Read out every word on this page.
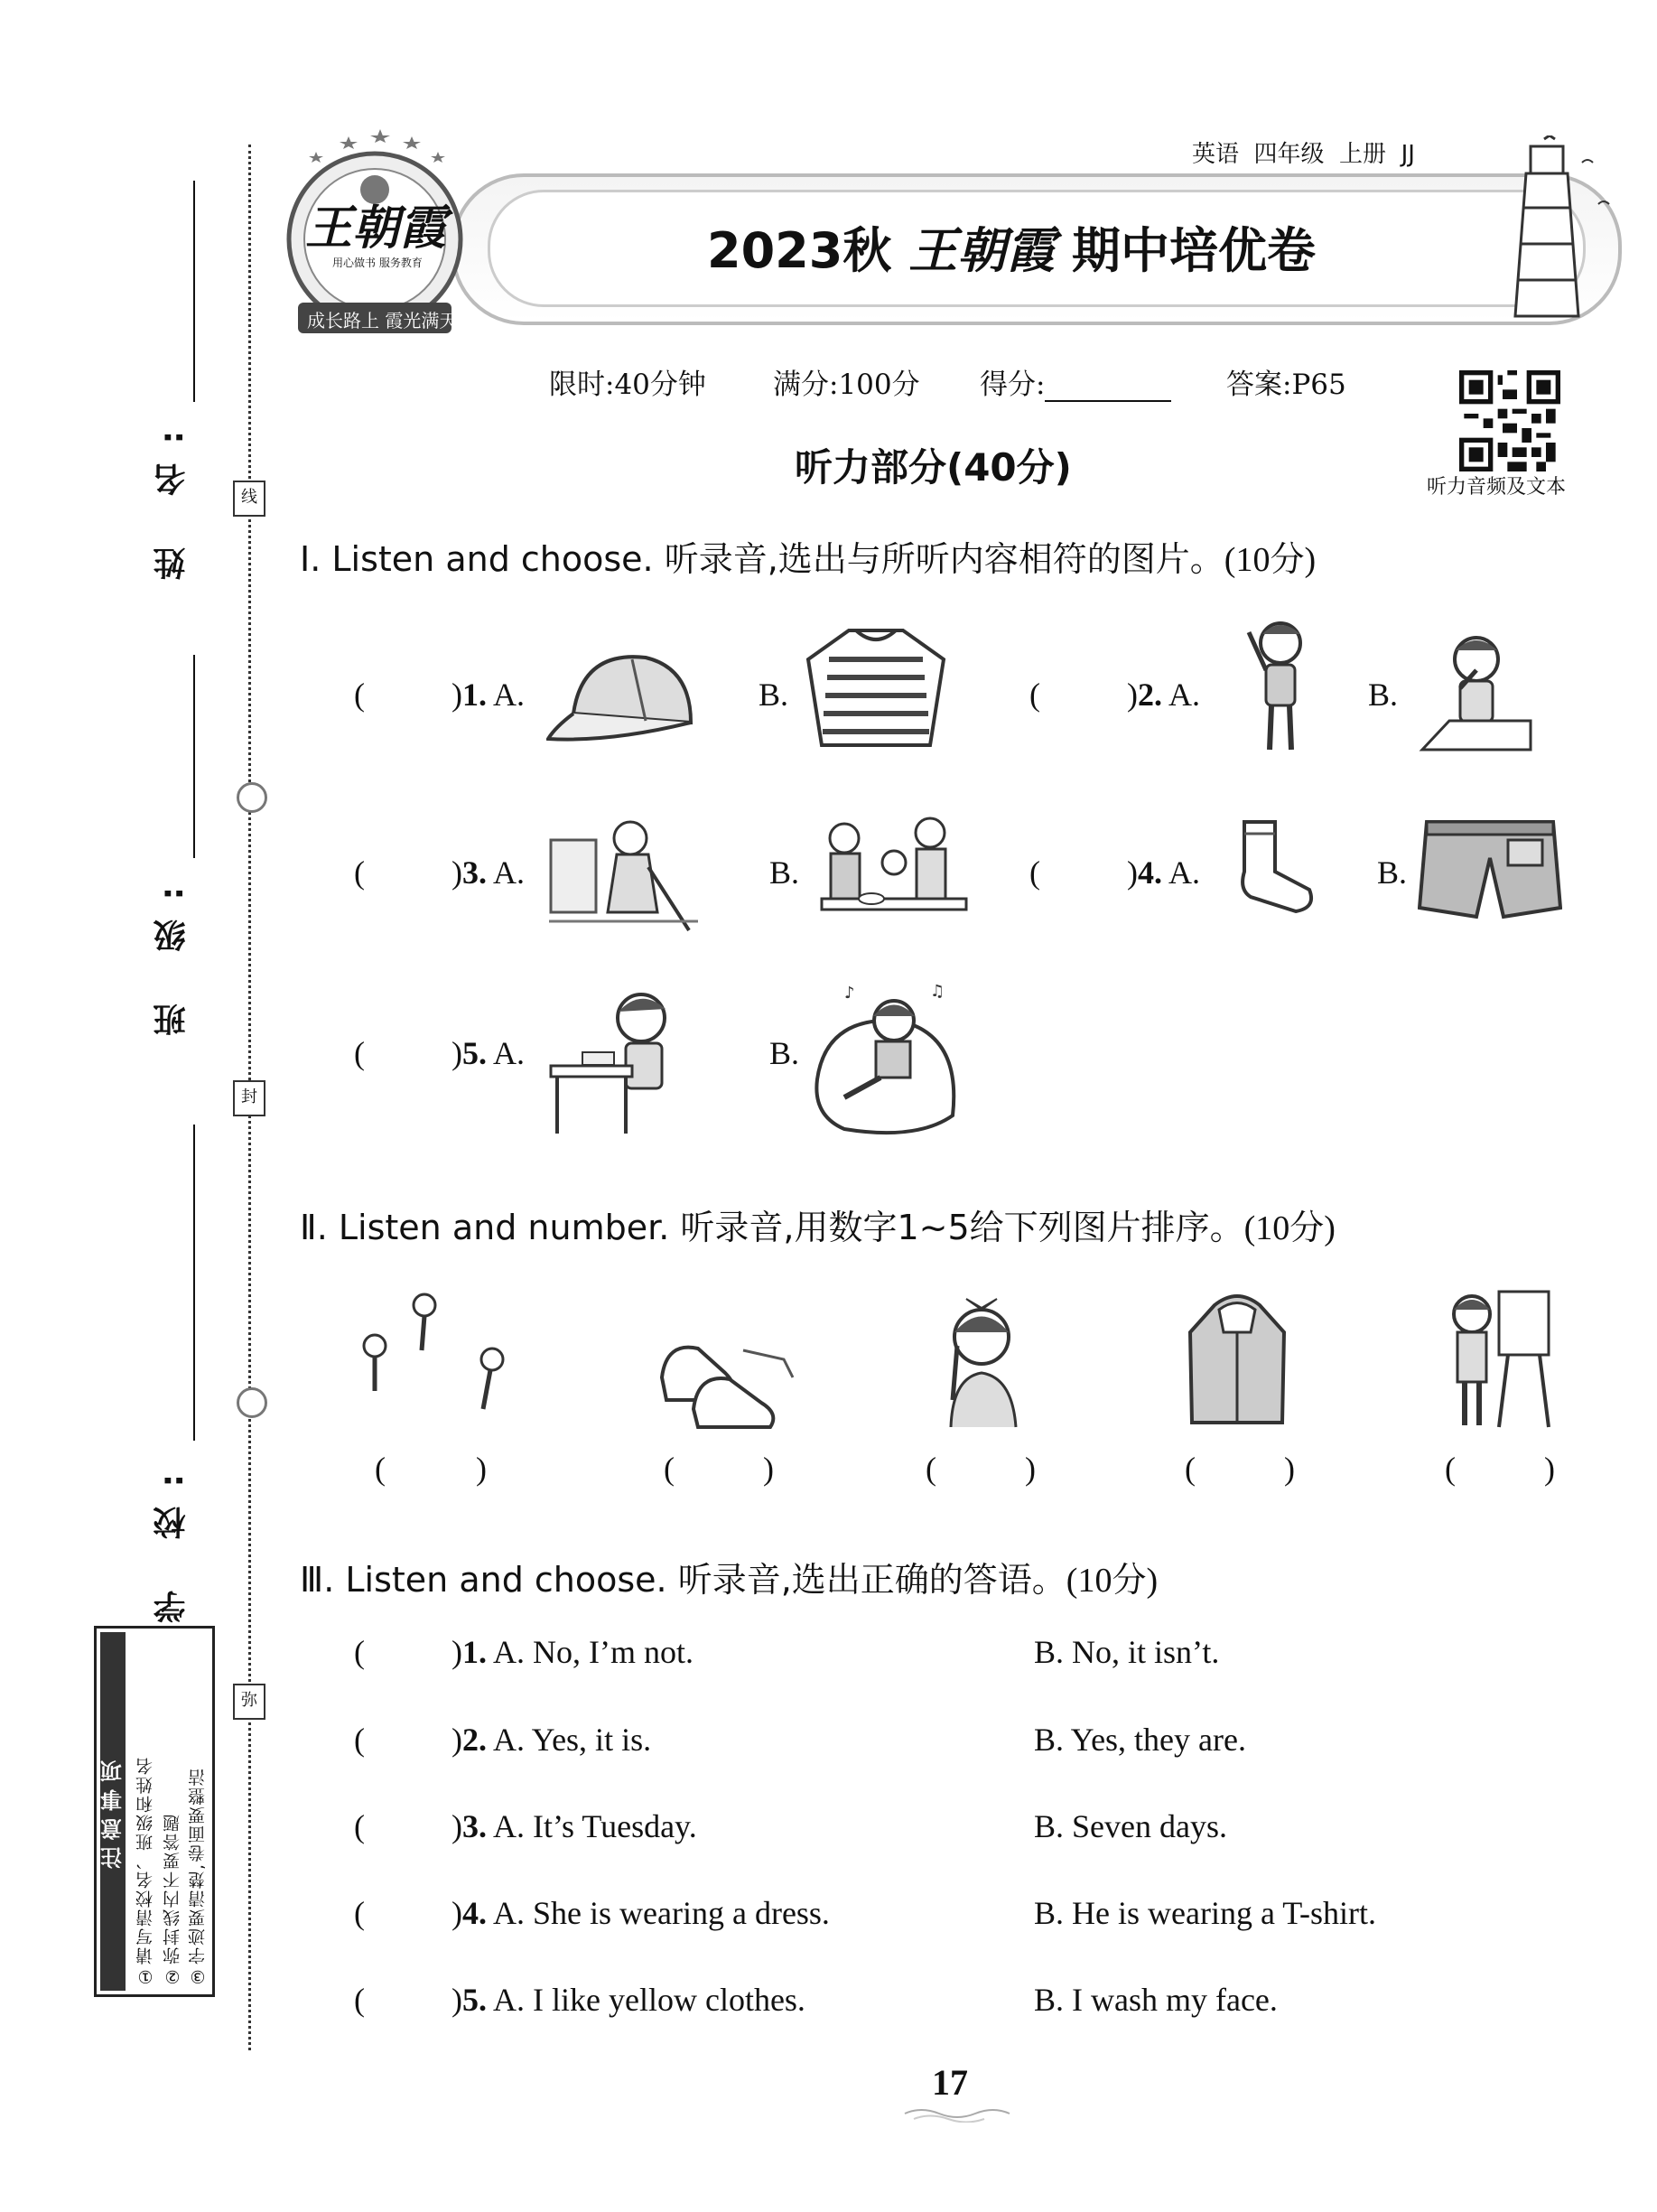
姓 名:
班 级:
学 校:
线
封
弥
注意事项 ①请写清校名、班级和姓名 ②弥封线内不要答题 ③字迹要清楚,卷面要整洁
英语  四年级  上册  JJ
王朝霞
用心做书 服务教育
成长路上 霞光满天
2023秋 王朝霞 期中培优卷
限时:40分钟 满分:100分 得分:	答案:P65
听力音频及文本
听力部分(40分)
Ⅰ. Listen and choose. 听录音,选出与所听内容相符的图片。(10分)
(	)1. A.	B.	(	)2. A.	B.
(	)3. A.	B.	(	)4. A.	B.
(	)5. A.	B.
♪	♫
Ⅱ. Listen and number. 听录音,用数字1~5给下列图片排序。(10分)
(	)	(	)	(	)	(	)	(	)
Ⅲ. Listen and choose. 听录音,选出正确的答语。(10分)
(	)1. A. No, I’m not.	B. No, it isn’t.
(	)2. A. Yes, it is.	B. Yes, they are.
(	)3. A. It’s Tuesday.	B. Seven days.
(	)4. A. She is wearing a dress.	B. He is wearing a T-shirt.
(	)5. A. I like yellow clothes.	B. I wash my face.
17
